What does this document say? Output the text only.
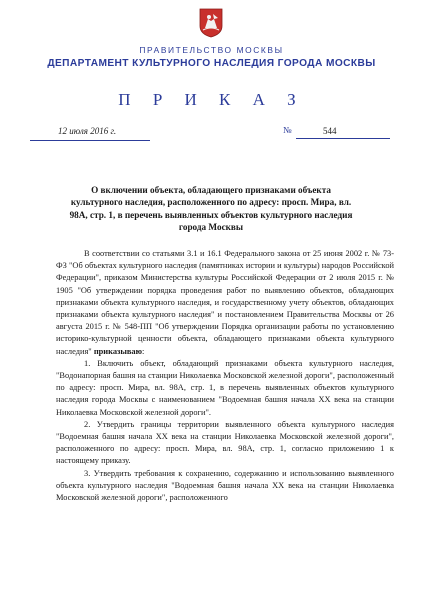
ПРАВИТЕЛЬСТВО МОСКВЫ
ДЕПАРТАМЕНТ КУЛЬТУРНОГО НАСЛЕДИЯ ГОРОДА МОСКВЫ
П Р И К А З
12 июля 2016 г.	№	544
О включении объекта, обладающего признаками объекта культурного наследия, расположенного по адресу: просп. Мира, вл. 98А, стр. 1, в перечень выявленных объектов культурного наследия города Москвы

В соответствии со статьями 3.1 и 16.1 Федерального закона от 25 июня 2002 г. № 73-ФЗ "Об объектах культурного наследия (памятниках истории и культуры) народов Российской Федерации", приказом Министерства культуры Российской Федерации от 2 июля 2015 г. № 1905 "Об утверждении порядка проведения работ по выявлению объектов, обладающих признаками объекта культурного наследия, и государственному учету объектов, обладающих признаками объекта культурного наследия" и постановлением Правительства Москвы от 26 августа 2015 г. № 548-ПП "Об утверждении Порядка организации работы по установлению историко-культурной ценности объекта, обладающего признаками объекта культурного наследия" приказываю:

1. Включить объект, обладающий признаками объекта культурного наследия, "Водонапорная башня на станции Николаевка Московской железной дороги", расположенный по адресу: просп. Мира, вл. 98А, стр. 1, в перечень выявленных объектов культурного наследия города Москвы с наименованием "Водоемная башня начала XX века на станции Николаевка Московской железной дороги".

2. Утвердить границы территории выявленного объекта культурного наследия "Водоемная башня начала XX века на станции Николаевка Московской железной дороги", расположенного по адресу: просп. Мира, вл. 98А, стр. 1, согласно приложению 1 к настоящему приказу.

3. Утвердить требования к сохранению, содержанию и использованию выявленного объекта культурного наследия "Водоемная башня начала XX века на станции Николаевка Московской железной дороги", расположенного
